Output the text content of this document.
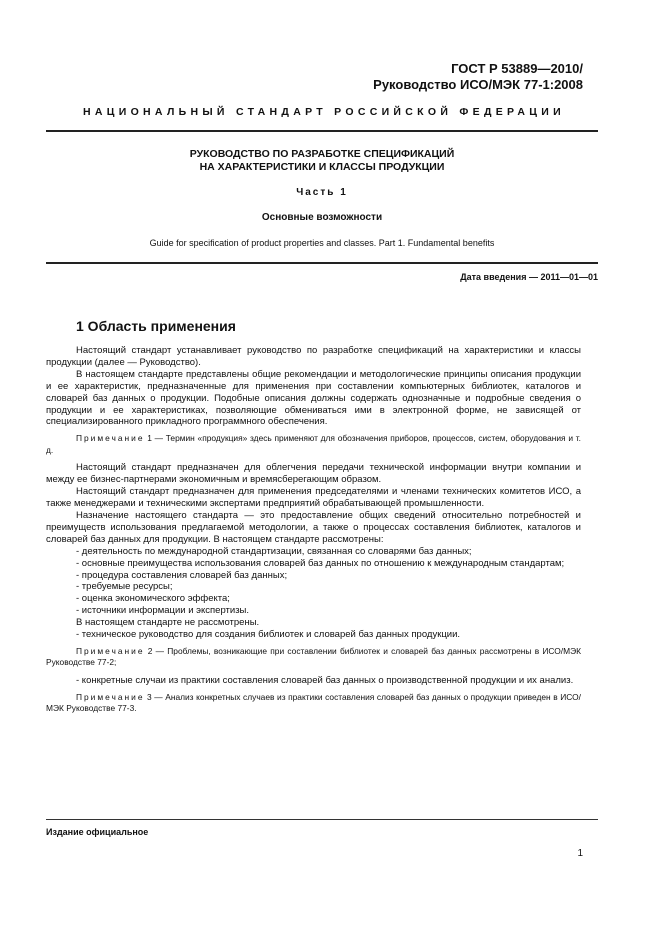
ГОСТ Р 53889—2010/
Руководство ИСО/МЭК 77-1:2008
НАЦИОНАЛЬНЫЙ СТАНДАРТ РОССИЙСКОЙ ФЕДЕРАЦИИ
РУКОВОДСТВО ПО РАЗРАБОТКЕ СПЕЦИФИКАЦИЙ
НА ХАРАКТЕРИСТИКИ И КЛАССЫ ПРОДУКЦИИ
Часть 1
Основные возможности
Guide for specification of product properties and classes. Part 1. Fundamental benefits
Дата введения — 2011—01—01
1 Область применения

Настоящий стандарт устанавливает руководство по разработке спецификаций на характеристики и классы продукции (далее — Руководство).

В настоящем стандарте представлены общие рекомендации и методологические принципы описания продукции и ее характеристик, предназначенные для применения при составлении компьютерных библиотек, каталогов и словарей баз данных о продукции. Подобные описания должны содержать однозначные и подробные сведения о продукции и ее характеристиках, позволяющие обмениваться ими в электронной форме, не зависящей от специализированного прикладного программного обеспечения.

Примечание 1 — Термин «продукция» здесь применяют для обозначения приборов, процессов, систем, оборудования и т. д.

Настоящий стандарт предназначен для облегчения передачи технической информации внутри компании и между ее бизнес-партнерами экономичным и времясберегающим образом.

Настоящий стандарт предназначен для применения председателями и членами технических комитетов ИСО, а также менеджерами и техническими экспертами предприятий обрабатывающей промышленности.

Назначение настоящего стандарта — это предоставление общих сведений относительно потребностей и преимуществ использования предлагаемой методологии, а также о процессах составления библиотек, каталогов и словарей баз данных для продукции. В настоящем стандарте рассмотрены:

- деятельность по международной стандартизации, связанная со словарями баз данных;

- основные преимущества использования словарей баз данных по отношению к международным стандартам;

- процедура составления словарей баз данных;

- требуемые ресурсы;

- оценка экономического эффекта;

- источники информации и экспертизы.

В настоящем стандарте не рассмотрены.

- техническое руководство для создания библиотек и словарей баз данных продукции.

Примечание 2 — Проблемы, возникающие при составлении библиотек и словарей баз данных рассмотрены в ИСО/МЭК Руководстве 77-2;

- конкретные случаи из практики составления словарей баз данных о производственной продукции и их анализ.

Примечание 3 — Анализ конкретных случаев из практики составления словарей баз данных о продукции приведен в ИСО/МЭК Руководстве 77-3.

Издание официальное
1
